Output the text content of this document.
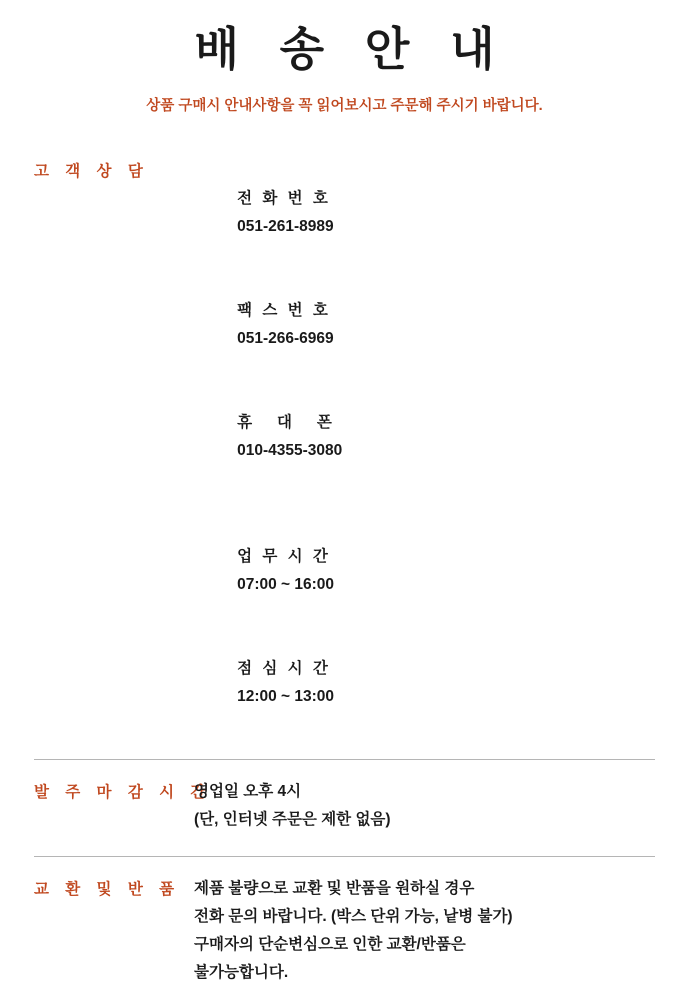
배 송 안 내

상품 구매시 안내사항을 꼭 읽어보시고 주문해 주시기 바랍니다.

고 객 상 담

전 화 번 호
051-261-8989

팩 스 번 호
051-266-6969

휴   대   폰
010-4355-3080

업 무 시 간
07:00 ~ 16:00

점 심 시 간
12:00 ~ 13:00

발 주 마 감 시 간
영업일 오후 4시
(단, 인터넷 주문은 제한 없음)
교 환 및 반 품 제품 불량으로 교환 및 반품을 원하실 경우
전화 문의 바랍니다. (박스 단위 가능, 낱병 불가)
구매자의 단순변심으로 인한 교환/반품은
불가능합니다.
